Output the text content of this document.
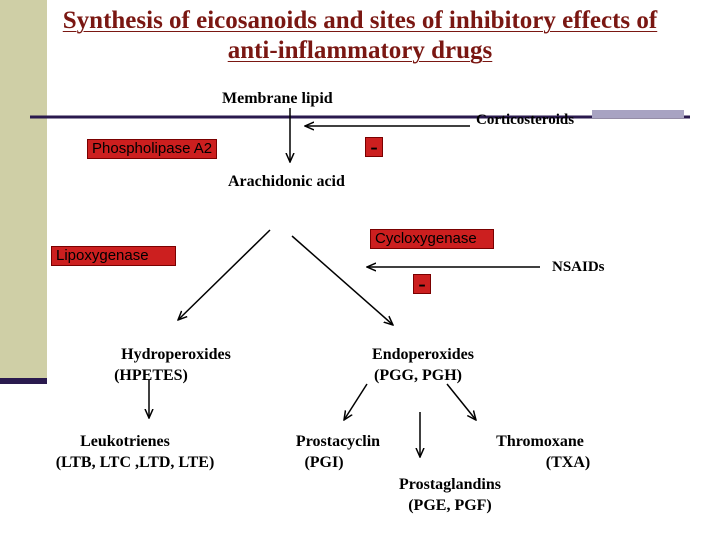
Synthesis of eicosanoids and sites of inhibitory effects of
anti-inflammatory drugs
Membrane lipid
Corticosteroids
Phospholipase A2	-
Arachidonic acid
Lipoxygenase
Cycloxygenase
NSAIDs
-
Hydroperoxides
(HPETES)
Endoperoxides
(PGG, PGH)
Leukotrienes
(LTB, LTC ,LTD, LTE)
Prostacyclin
(PGI)
Thromoxane
(TXA)
Prostaglandins
(PGE, PGF)
